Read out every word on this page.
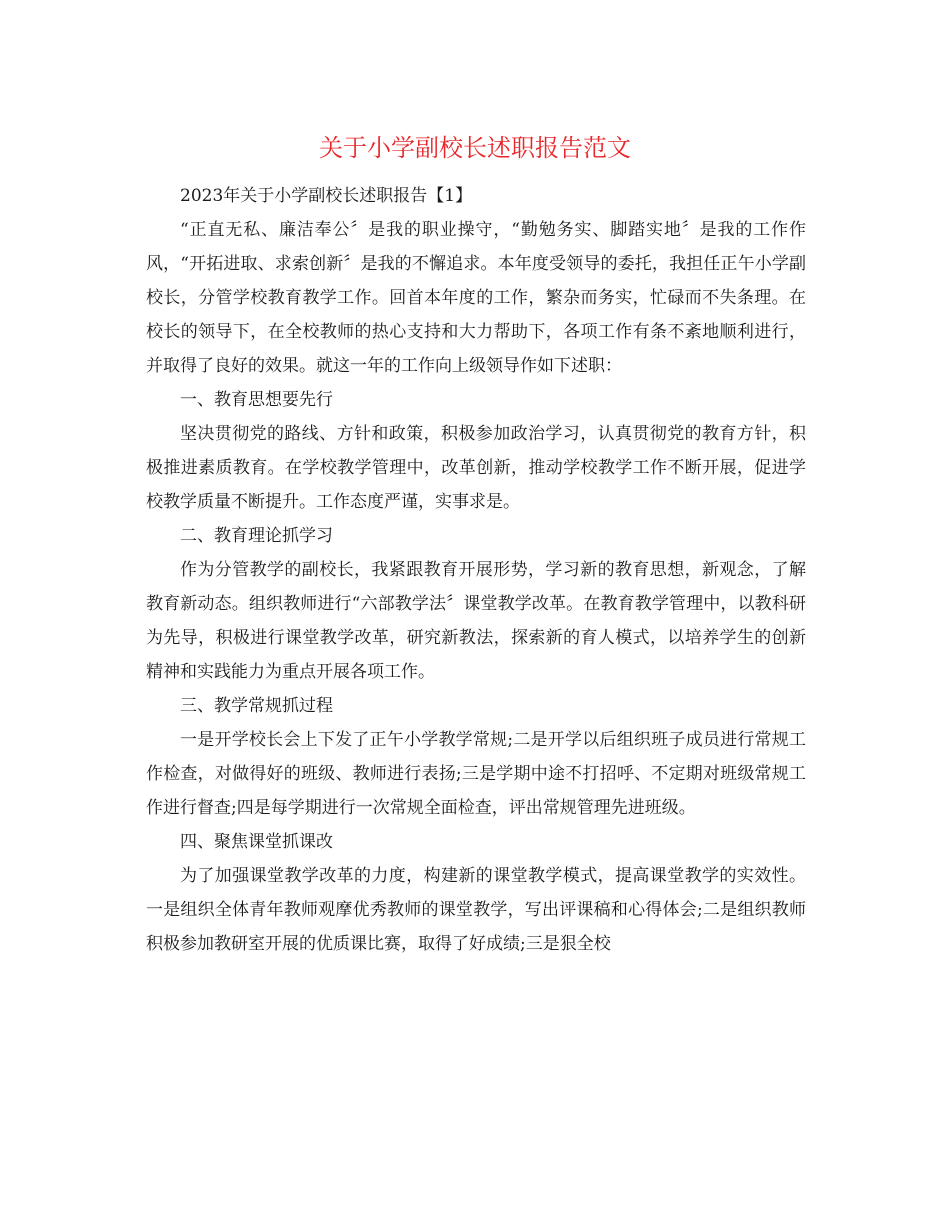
关于小学副校长述职报告范文

2023年关于小学副校长述职报告【1】

“正直无私、廉洁奉公〞是我的职业操守，“勤勉务实、脚踏实地〞是我的工作作风，“开拓进取、求索创新〞是我的不懈追求。本年度受领导的委托，我担任正午小学副校长，分管学校教育教学工作。回首本年度的工作，繁杂而务实，忙碌而不失条理。在校长的领导下，在全校教师的热心支持和大力帮助下，各项工作有条不紊地顺利进行，并取得了良好的效果。就这一年的工作向上级领导作如下述职：

一、教育思想要先行

坚决贯彻党的路线、方针和政策，积极参加政治学习，认真贯彻党的教育方针，积极推进素质教育。在学校教学管理中，改革创新，推动学校教学工作不断开展，促进学校教学质量不断提升。工作态度严谨，实事求是。

二、教育理论抓学习

作为分管教学的副校长，我紧跟教育开展形势，学习新的教育思想，新观念，了解教育新动态。组织教师进行“六部教学法〞课堂教学改革。在教育教学管理中，以教科研为先导，积极进行课堂教学改革，研究新教法，探索新的育人模式，以培养学生的创新精神和实践能力为重点开展各项工作。

三、教学常规抓过程

一是开学校长会上下发了正午小学教学常规;二是开学以后组织班子成员进行常规工作检查，对做得好的班级、教师进行表扬;三是学期中途不打招呼、不定期对班级常规工作进行督查;四是每学期进行一次常规全面检查，评出常规管理先进班级。

四、聚焦课堂抓课改

为了加强课堂教学改革的力度，构建新的课堂教学模式，提高课堂教学的实效性。一是组织全体青年教师观摩优秀教师的课堂教学，写出评课稿和心得体会;二是组织教师积极参加教研室开展的优质课比赛，取得了好成绩;三是狠全校
